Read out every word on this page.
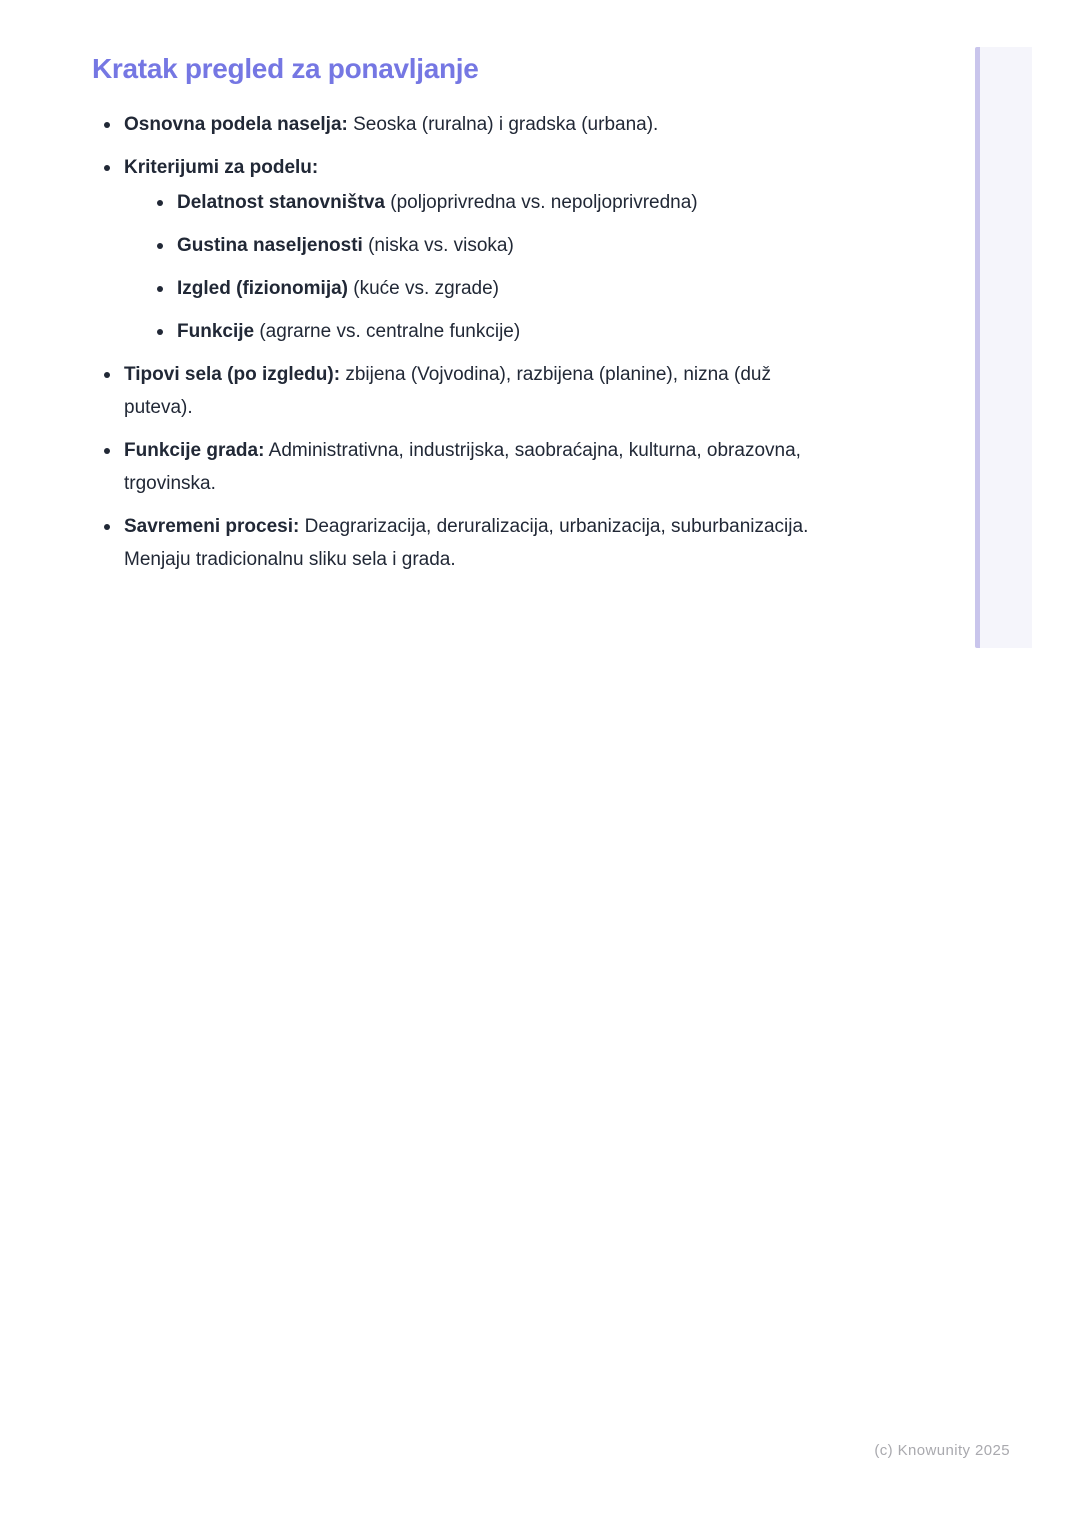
Kratak pregled za ponavljanje
Osnovna podela naselja: Seoska (ruralna) i gradska (urbana).
Kriterijumi za podelu:
Delatnost stanovništva (poljoprivredna vs. nepoljoprivredna)
Gustina naseljenosti (niska vs. visoka)
Izgled (fizionomija) (kuće vs. zgrade)
Funkcije (agrarne vs. centralne funkcije)
Tipovi sela (po izgledu): zbijena (Vojvodina), razbijena (planine), nizna (duž puteva).
Funkcije grada: Administrativna, industrijska, saobraćajna, kulturna, obrazovna, trgovinska.
Savremeni procesi: Deagrarizacija, deruralizacija, urbanizacija, suburbanizacija. Menjaju tradicionalnu sliku sela i grada.
(c) Knowunity 2025
